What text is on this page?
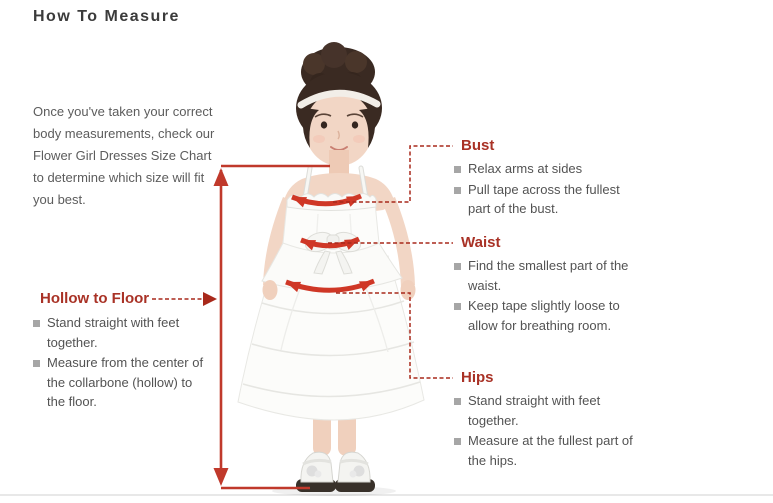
How To Measure

Once you've taken your correct body measurements, check our Flower Girl Dresses Size Chart to determine which size will fit you best.

Hollow to Floor
Stand straight with feet together.
Measure from the center of the collarbone (hollow) to the floor.
Bust
Relax arms at sides
Pull tape across the fullest part of the bust.
Waist
Find the smallest part of the waist.
Keep tape slightly loose to allow for breathing room.
Hips
Stand straight with feet together.
Measure at the fullest part of the hips.
